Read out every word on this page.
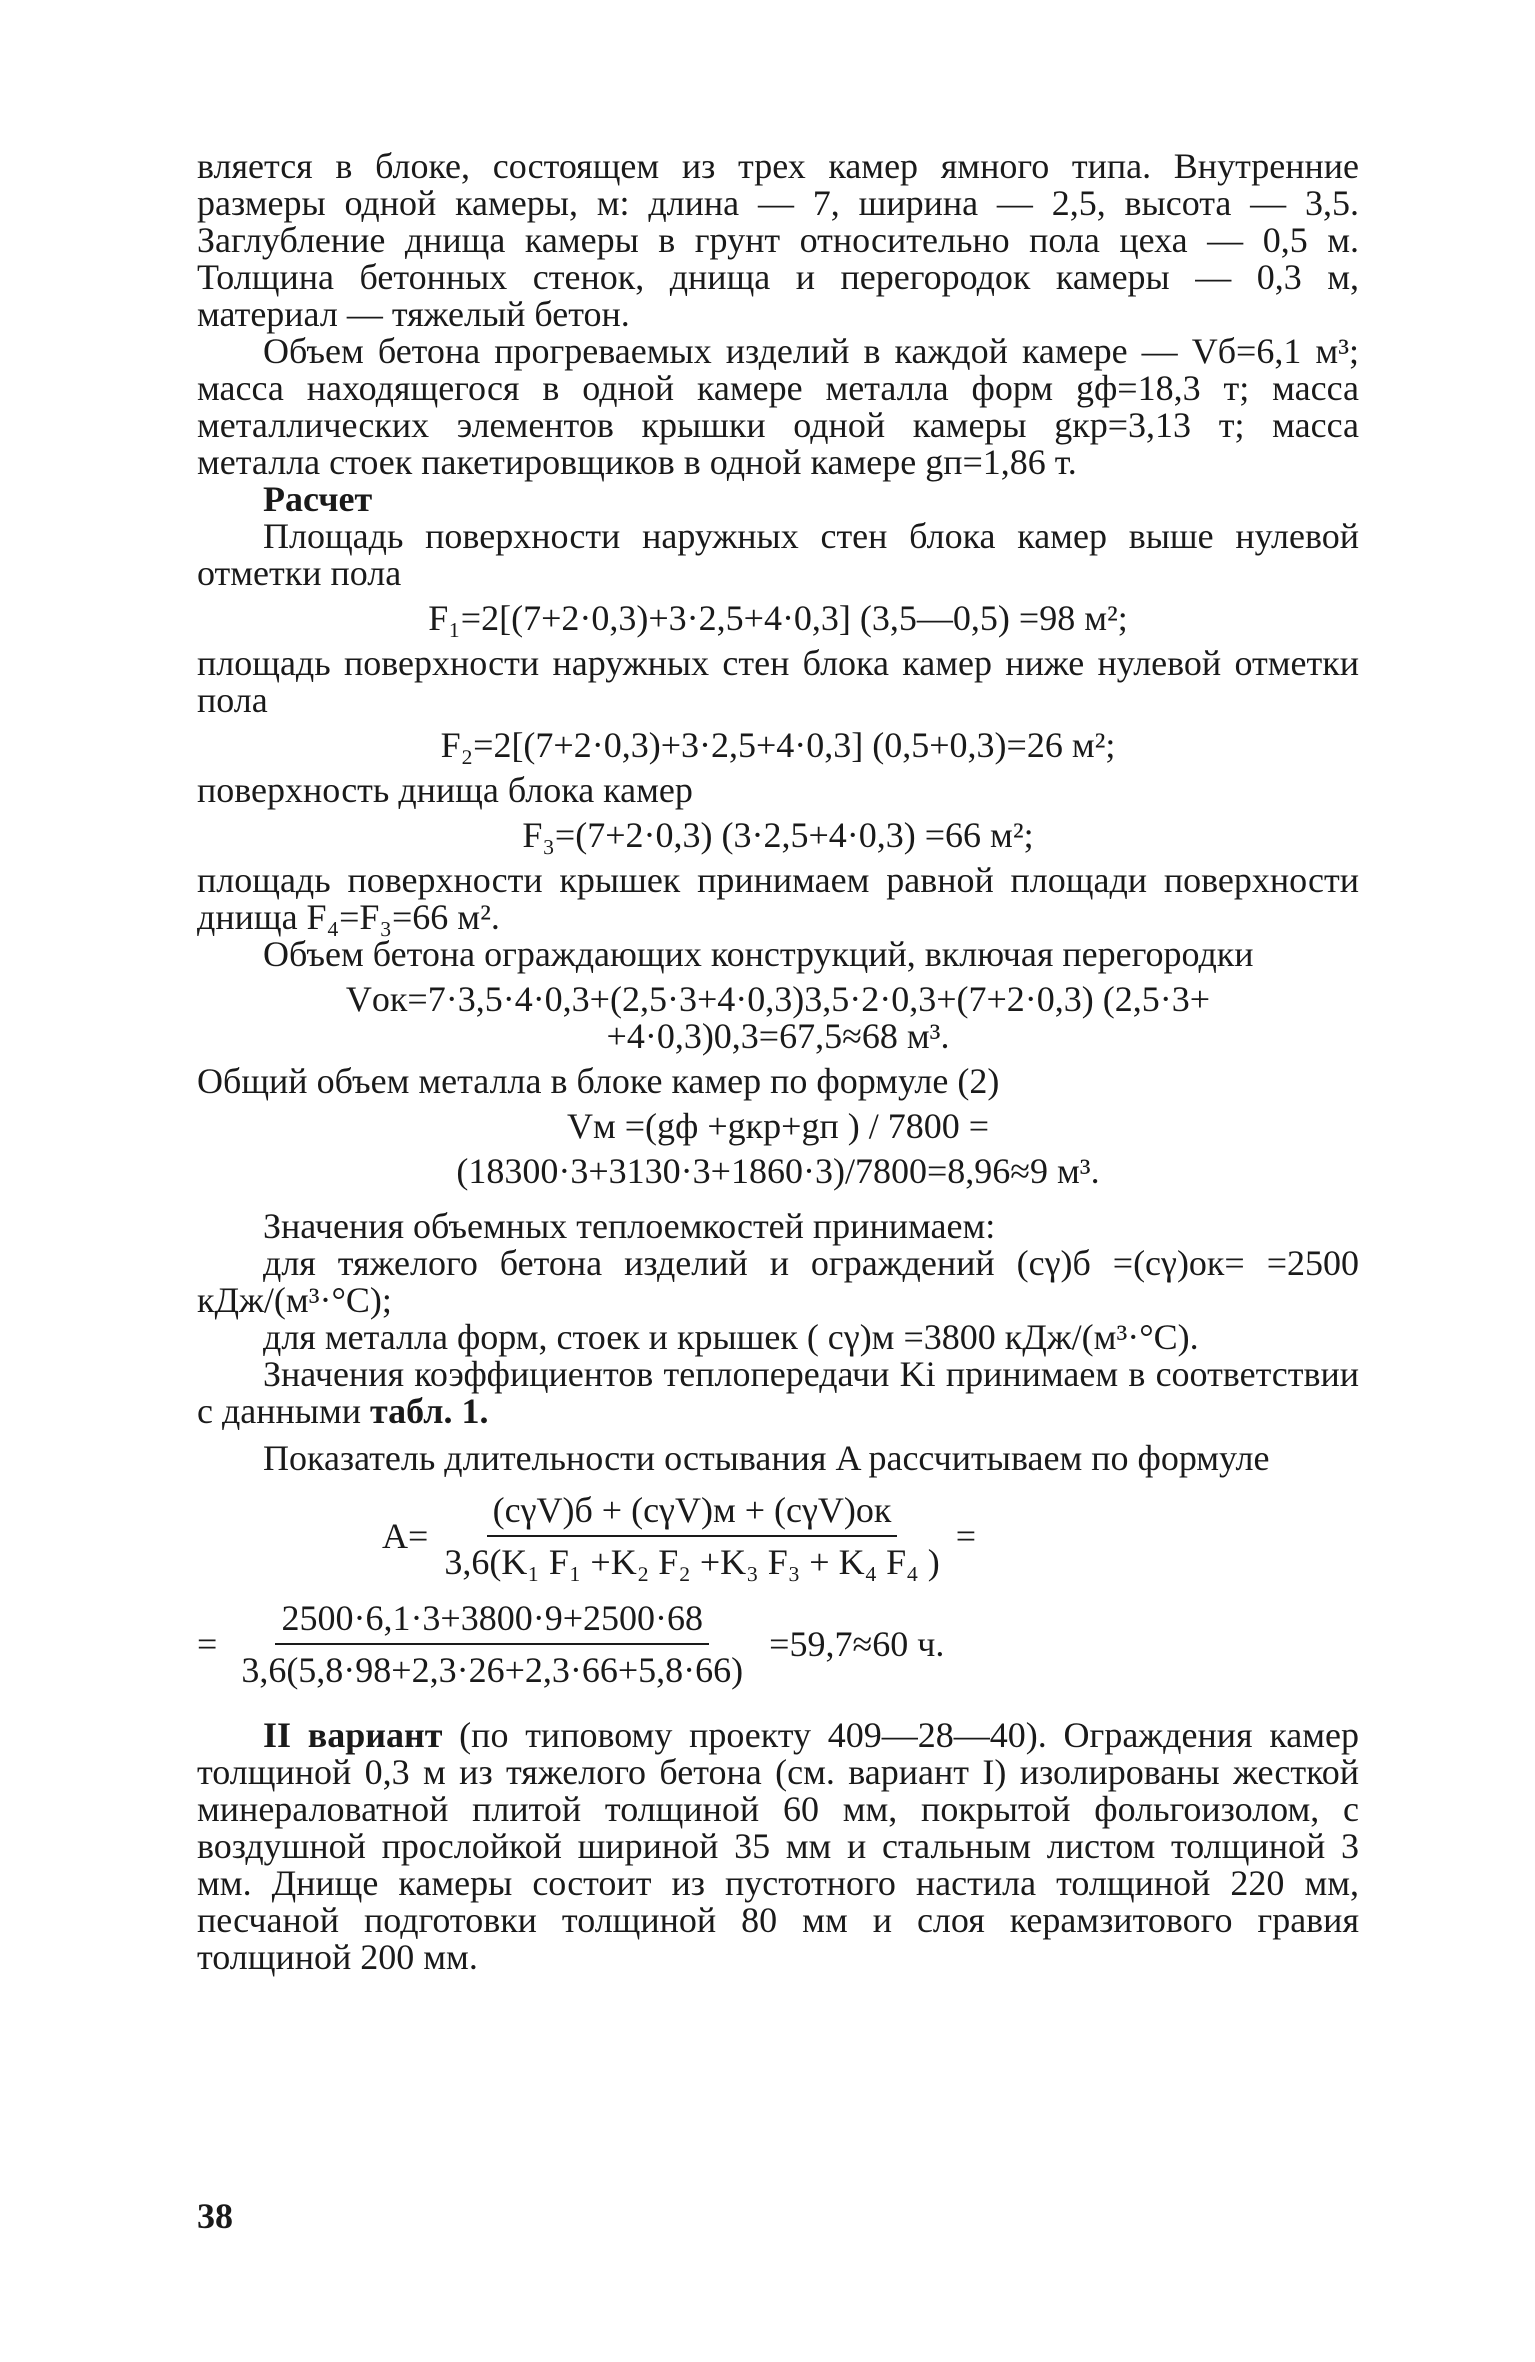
вляется в блоке, состоящем из трех камер ямного типа. Внутренние размеры одной камеры, м: длина — 7, ширина — 2,5, высота — 3,5. Заглубление днища камеры в грунт относительно пола цеха — 0,5 м. Толщина бетонных стенок, днища и перегородок камеры — 0,3 м, материал — тяжелый бетон.

Объем бетона прогреваемых изделий в каждой камере — Vб=6,1 м³; масса находящегося в одной камере металла форм gф=18,3 т; масса металлических элементов крышки одной камеры gкр=3,13 т; масса металла стоек пакетировщиков в одной камере gп=1,86 т.

Расчет

Площадь поверхности наружных стен блока камер выше нулевой отметки пола

F₁=2[(7+2·0,3)+3·2,5+4·0,3] (3,5—0,5) =98 м²;

площадь поверхности наружных стен блока камер ниже нулевой отметки пола

F₂=2[(7+2·0,3)+3·2,5+4·0,3] (0,5+0,3)=26 м²;

поверхность днища блока камер

F₃=(7+2·0,3) (3·2,5+4·0,3) =66 м²;

площадь поверхности крышек принимаем равной площади поверхности днища F₄=F₃=66 м².

Объем бетона ограждающих конструкций, включая перегородки

Vок=7·3,5·4·0,3+(2,5·3+4·0,3)3,5·2·0,3+(7+2·0,3) (2,5·3+
+4·0,3)0,3=67,5≈68 м³.

Общий объем металла в блоке камер по формуле (2)

Vм =(gф +gкр+gп ) / 7800 =
(18300·3+3130·3+1860·3)/7800=8,96≈9 м³.

Значения объемных теплоемкостей принимаем:

для тяжелого бетона изделий и ограждений (cγ)б =(cγ)ок= =2500 кДж/(м³·°С);

для металла форм, стоек и крышек ( cγ)м =3800 кДж/(м³·°С).

Значения коэффициентов теплопередачи Ki принимаем в соответствии с данными табл. 1.

Показатель длительности остывания A рассчитываем по формуле

$A= \frac{\text{(cγV)б + (cγV)м + (cγV)ок}}{\text{3,6(K₁ F₁ +K₂ F₂ +K₃ F₃ + K₄ F₄ )}}$ =
= $\frac{2500\cdot 6,1\cdot 3+3800\cdot 9+2500\cdot 68}{3,6(5,8\cdot 98+2,3\cdot 26+2,3\cdot 66+5,8\cdot 66)} =59,7\approx 60$ ч.

II вариант (по типовому проекту 409—28—40). Ограждения камер толщиной 0,3 м из тяжелого бетона (см. вариант I) изолированы жесткой минераловатной плитой толщиной 60 мм, покрытой фольгоизолом, с воздушной прослойкой шириной 35 мм и стальным листом толщиной 3 мм. Днище камеры состоит из пустотного настила толщиной 220 мм, песчаной подготовки толщиной 80 мм и слоя керамзитового гравия толщиной 200 мм.

38
